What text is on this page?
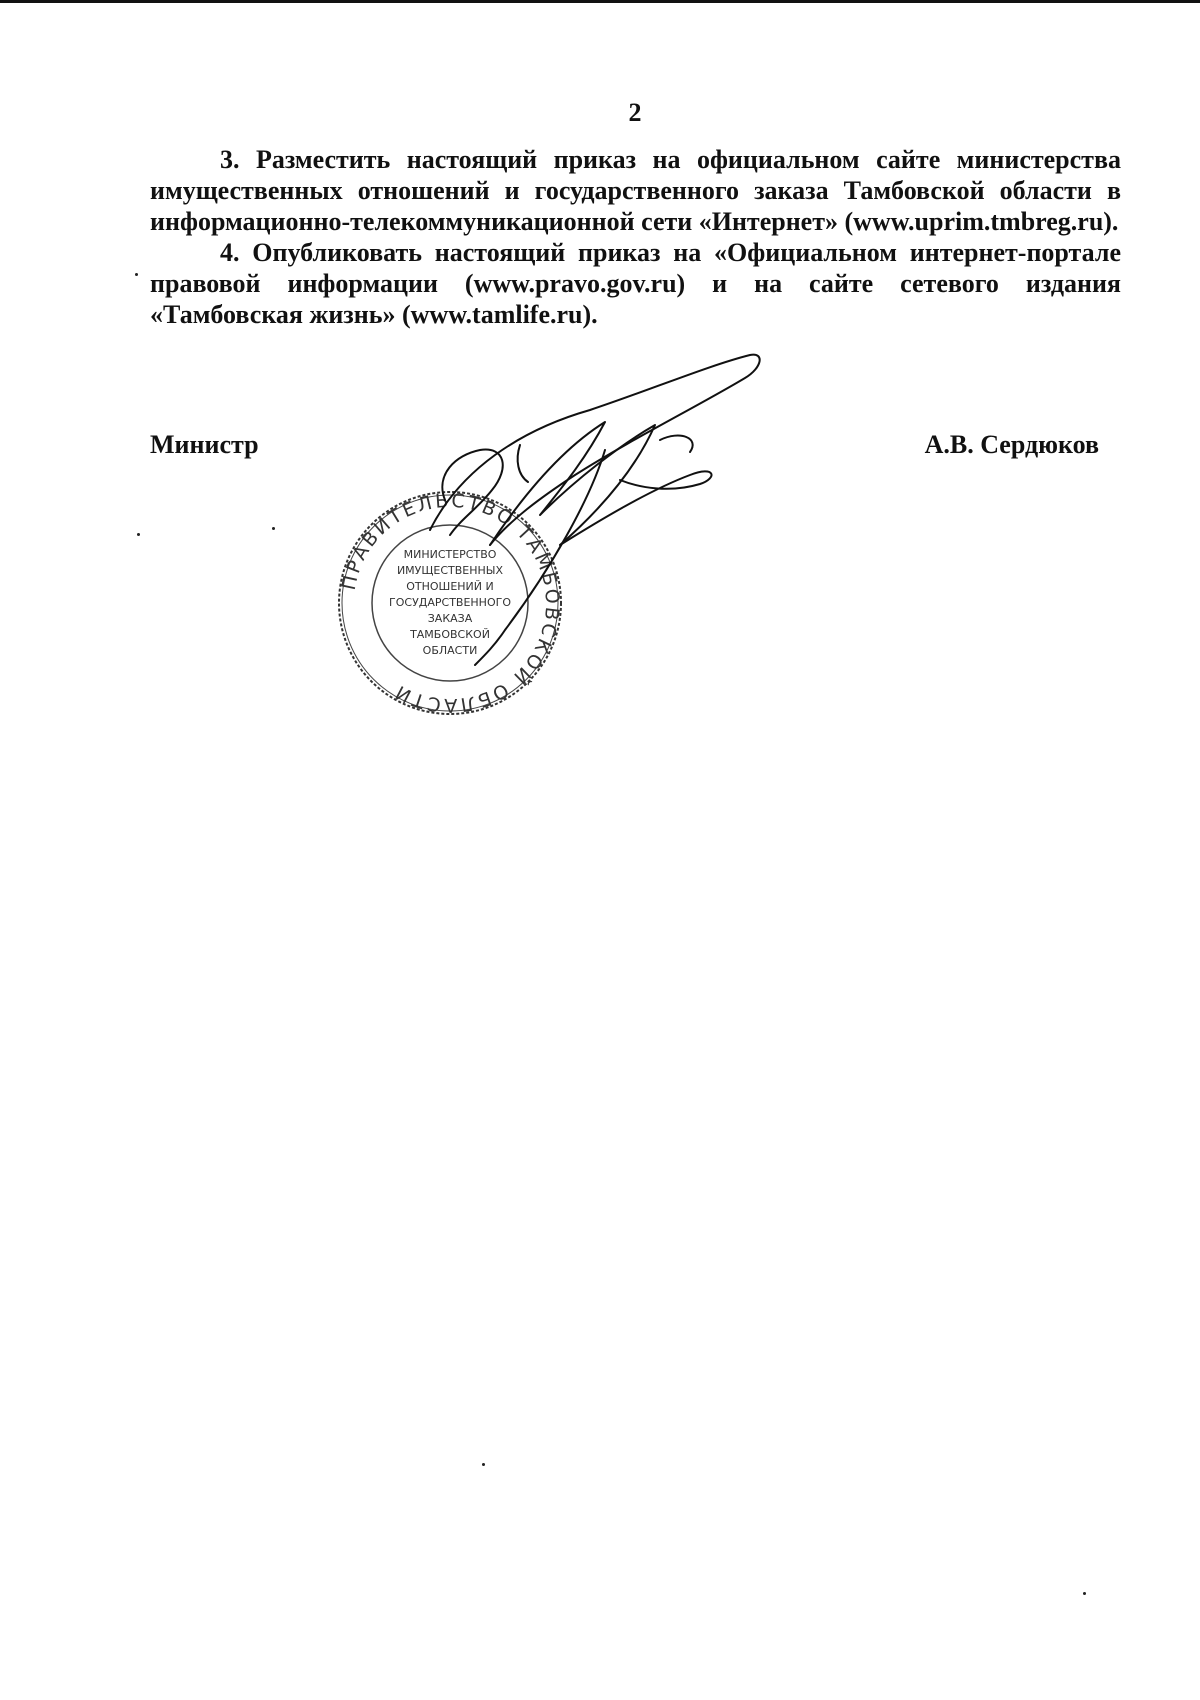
2

3. Разместить настоящий приказ на официальном сайте министерства имущественных отношений и государственного заказа Тамбовской области в информационно-телекоммуникационной сети «Интернет» (www.uprim.tmbreg.ru).

4. Опубликовать настоящий приказ на «Официальном интернет-портале правовой информации (www.pravo.gov.ru) и на сайте сетевого издания «Тамбовская жизнь» (www.tamlife.ru).

Министр	А.В. Сердюков
ПРАВИТЕЛЬСТВО ТАМБОВСКОЙ ОБЛАСТИ
МИНИСТЕРСТВО
ИМУЩЕСТВЕННЫХ
ОТНОШЕНИЙ И
ГОСУДАРСТВЕННОГО
ЗАКАЗА
ТАМБОВСКОЙ
ОБЛАСТИ
